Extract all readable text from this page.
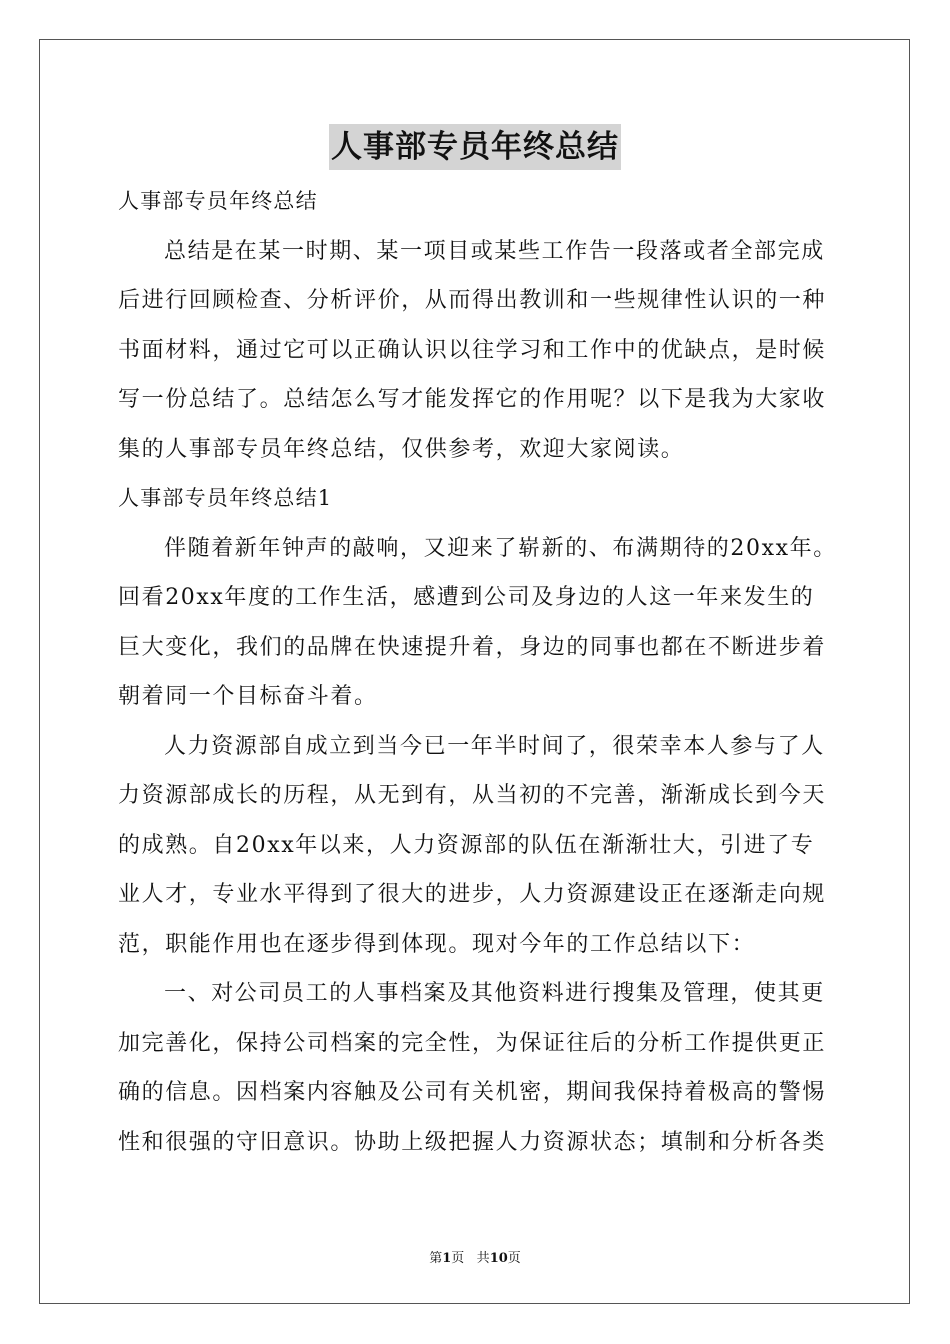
人事部专员年终总结
人事部专员年终总结
总结是在某一时期、某一项目或某些工作告一段落或者全部完成
后进行回顾检查、分析评价，从而得出教训和一些规律性认识的一种
书面材料，通过它可以正确认识以往学习和工作中的优缺点，是时候
写一份总结了。总结怎么写才能发挥它的作用呢？以下是我为大家收
集的人事部专员年终总结，仅供参考，欢迎大家阅读。
人事部专员年终总结1
伴随着新年钟声的敲响，又迎来了崭新的、布满期待的20xx年。
回看20xx年度的工作生活，感遭到公司及身边的人这一年来发生的
巨大变化，我们的品牌在快速提升着，身边的同事也都在不断进步着
朝着同一个目标奋斗着。
人力资源部自成立到当今已一年半时间了，很荣幸本人参与了人
力资源部成长的历程，从无到有，从当初的不完善，渐渐成长到今天
的成熟。自20xx年以来，人力资源部的队伍在渐渐壮大，引进了专
业人才，专业水平得到了很大的进步，人力资源建设正在逐渐走向规
范，职能作用也在逐步得到体现。现对今年的工作总结以下：
一、对公司员工的人事档案及其他资料进行搜集及管理，使其更
加完善化，保持公司档案的完全性，为保证往后的分析工作提供更正
确的信息。因档案内容触及公司有关机密，期间我保持着极高的警惕
性和很强的守旧意识。协助上级把握人力资源状态；填制和分析各类
第1页 共10页
